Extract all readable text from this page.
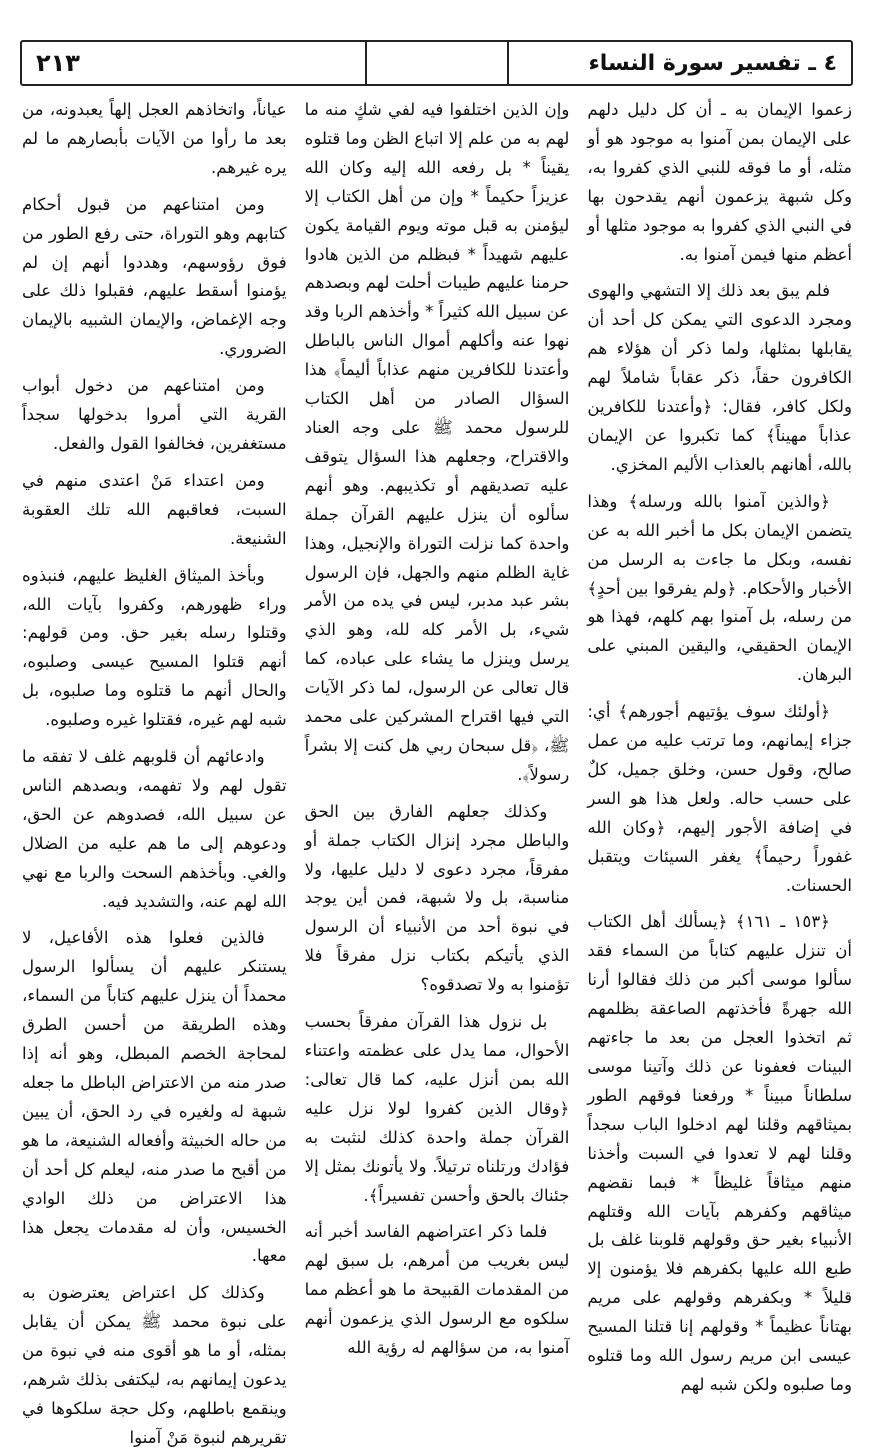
٤ ـ تفسير سورة النساء
٢١٣

زعموا الإيمان به ـ أن كل دليل دلهم على الإيمان بمن آمنوا به موجود هو أو مثله، أو ما فوقه للنبي الذي كفروا به، وكل شبهة يزعمون أنهم يقدحون بها في النبي الذي كفروا به موجود مثلها أو أعظم منها فيمن آمنوا به.

فلم يبق بعد ذلك إلا التشهي والهوى ومجرد الدعوى التي يمكن كل أحد أن يقابلها بمثلها، ولما ذكر أن هؤلاء هم الكافرون حقاً، ذكر عقاباً شاملاً لهم ولكل كافر، فقال: ﴿وأعتدنا للكافرين عذاباً مهيناً﴾ كما تكبروا عن الإيمان بالله، أهانهم بالعذاب الأليم المخزي.

﴿والذين آمنوا بالله ورسله﴾ وهذا يتضمن الإيمان بكل ما أخبر الله به عن نفسه، وبكل ما جاءت به الرسل من الأخبار والأحكام. ﴿ولم يفرقوا بين أحدٍ﴾ من رسله، بل آمنوا بهم كلهم، فهذا هو الإيمان الحقيقي، واليقين المبني على البرهان.

﴿أولئك سوف يؤتيهم أجورهم﴾ أي: جزاء إيمانهم، وما ترتب عليه من عمل صالح، وقول حسن، وخلق جميل، كلٌ على حسب حاله. ولعل هذا هو السر في إضافة الأجور إليهم، ﴿وكان الله غفوراً رحيماً﴾ يغفر السيئات ويتقبل الحسنات.

﴿١٥٣ ـ ١٦١﴾ ﴿يسألك أهل الكتاب أن تنزل عليهم كتاباً من السماء فقد سألوا موسى أكبر من ذلك فقالوا أرنا الله جهرةً فأخذتهم الصاعقة بظلمهم ثم اتخذوا العجل من بعد ما جاءتهم البينات فعفونا عن ذلك وآتينا موسى سلطاناً مبيناً * ورفعنا فوقهم الطور بميثاقهم وقلنا لهم ادخلوا الباب سجداً وقلنا لهم لا تعدوا في السبت وأخذنا منهم ميثاقاً غليظاً * فبما نقضهم ميثاقهم وكفرهم بآيات الله وقتلهم الأنبياء بغير حق وقولهم قلوبنا غلف بل طبع الله عليها بكفرهم فلا يؤمنون إلا قليلاً * وبكفرهم وقولهم على مريم بهتاناً عظيماً * وقولهم إنا قتلنا المسيح عيسى ابن مريم رسول الله وما قتلوه وما صلبوه ولكن شبه لهم

وإن الذين اختلفوا فيه لفي شكٍ منه ما لهم به من علم إلا اتباع الظن وما قتلوه يقيناً * بل رفعه الله إليه وكان الله عزيزاً حكيماً * وإن من أهل الكتاب إلا ليؤمنن به قبل موته ويوم القيامة يكون عليهم شهيداً * فبظلم من الذين هادوا حرمنا عليهم طيبات أحلت لهم وبصدهم عن سبيل الله كثيراً * وأخذهم الربا وقد نهوا عنه وأكلهم أموال الناس بالباطل وأعتدنا للكافرين منهم عذاباً أليماً﴾ هذا السؤال الصادر من أهل الكتاب للرسول محمد ﷺ على وجه العناد والاقتراح، وجعلهم هذا السؤال يتوقف عليه تصديقهم أو تكذيبهم. وهو أنهم سألوه أن ينزل عليهم القرآن جملة واحدة كما نزلت التوراة والإنجيل، وهذا غاية الظلم منهم والجهل، فإن الرسول بشر عبد مدبر، ليس في يده من الأمر شيء، بل الأمر كله لله، وهو الذي يرسل وينزل ما يشاء على عباده، كما قال تعالى عن الرسول، لما ذكر الآيات التي فيها اقتراح المشركين على محمد ﷺ، ﴿قل سبحان ربي هل كنت إلا بشراً رسولاً﴾.

وكذلك جعلهم الفارق بين الحق والباطل مجرد إنزال الكتاب جملة أو مفرقاً، مجرد دعوى لا دليل عليها، ولا مناسبة، بل ولا شبهة، فمن أين يوجد في نبوة أحد من الأنبياء أن الرسول الذي يأتيكم بكتاب نزل مفرقاً فلا تؤمنوا به ولا تصدقوه؟

بل نزول هذا القرآن مفرقاً بحسب الأحوال، مما يدل على عظمته واعتناء الله بمن أنزل عليه، كما قال تعالى: ﴿وقال الذين كفروا لولا نزل عليه القرآن جملة واحدة كذلك لنثبت به فؤادك ورتلناه ترتيلاً. ولا يأتونك بمثل إلا جئناك بالحق وأحسن تفسيراً﴾.

فلما ذكر اعتراضهم الفاسد أخبر أنه ليس بغريب من أمرهم، بل سبق لهم من المقدمات القبيحة ما هو أعظم مما سلكوه مع الرسول الذي يزعمون أنهم آمنوا به، من سؤالهم له رؤية الله

عياناً، واتخاذهم العجل إلهاً يعبدونه، من بعد ما رأوا من الآيات بأبصارهم ما لم يره غيرهم.

ومن امتناعهم من قبول أحكام كتابهم وهو التوراة، حتى رفع الطور من فوق رؤوسهم، وهددوا أنهم إن لم يؤمنوا أسقط عليهم، فقبلوا ذلك على وجه الإغماض، والإيمان الشبيه بالإيمان الضروري.

ومن امتناعهم من دخول أبواب القرية التي أمروا بدخولها سجداً مستغفرين، فخالفوا القول والفعل.

ومن اعتداء مَنْ اعتدى منهم في السبت، فعاقبهم الله تلك العقوبة الشنيعة.

وبأخذ الميثاق الغليظ عليهم، فنبذوه وراء ظهورهم، وكفروا بآيات الله، وقتلوا رسله بغير حق. ومن قولهم: أنهم قتلوا المسيح عيسى وصلبوه، والحال أنهم ما قتلوه وما صلبوه، بل شبه لهم غيره، فقتلوا غيره وصلبوه.

وادعائهم أن قلوبهم غلف لا تفقه ما تقول لهم ولا تفهمه، وبصدهم الناس عن سبيل الله، فصدوهم عن الحق، ودعوهم إلى ما هم عليه من الضلال والغي. وبأخذهم السحت والربا مع نهي الله لهم عنه، والتشديد فيه.

فالذين فعلوا هذه الأفاعيل، لا يستنكر عليهم أن يسألوا الرسول محمداً أن ينزل عليهم كتاباً من السماء، وهذه الطريقة من أحسن الطرق لمحاجة الخصم المبطل، وهو أنه إذا صدر منه من الاعتراض الباطل ما جعله شبهة له ولغيره في رد الحق، أن يبين من حاله الخبيثة وأفعاله الشنيعة، ما هو من أقبح ما صدر منه، ليعلم كل أحد أن هذا الاعتراض من ذلك الوادي الخسيس، وأن له مقدمات يجعل هذا معها.

وكذلك كل اعتراض يعترضون به على نبوة محمد ﷺ يمكن أن يقابل بمثله، أو ما هو أقوى منه في نبوة من يدعون إيمانهم به، ليكتفى بذلك شرهم، وينقمع باطلهم، وكل حجة سلكوها في تقريرهم لنبوة مَنْ آمنوا
